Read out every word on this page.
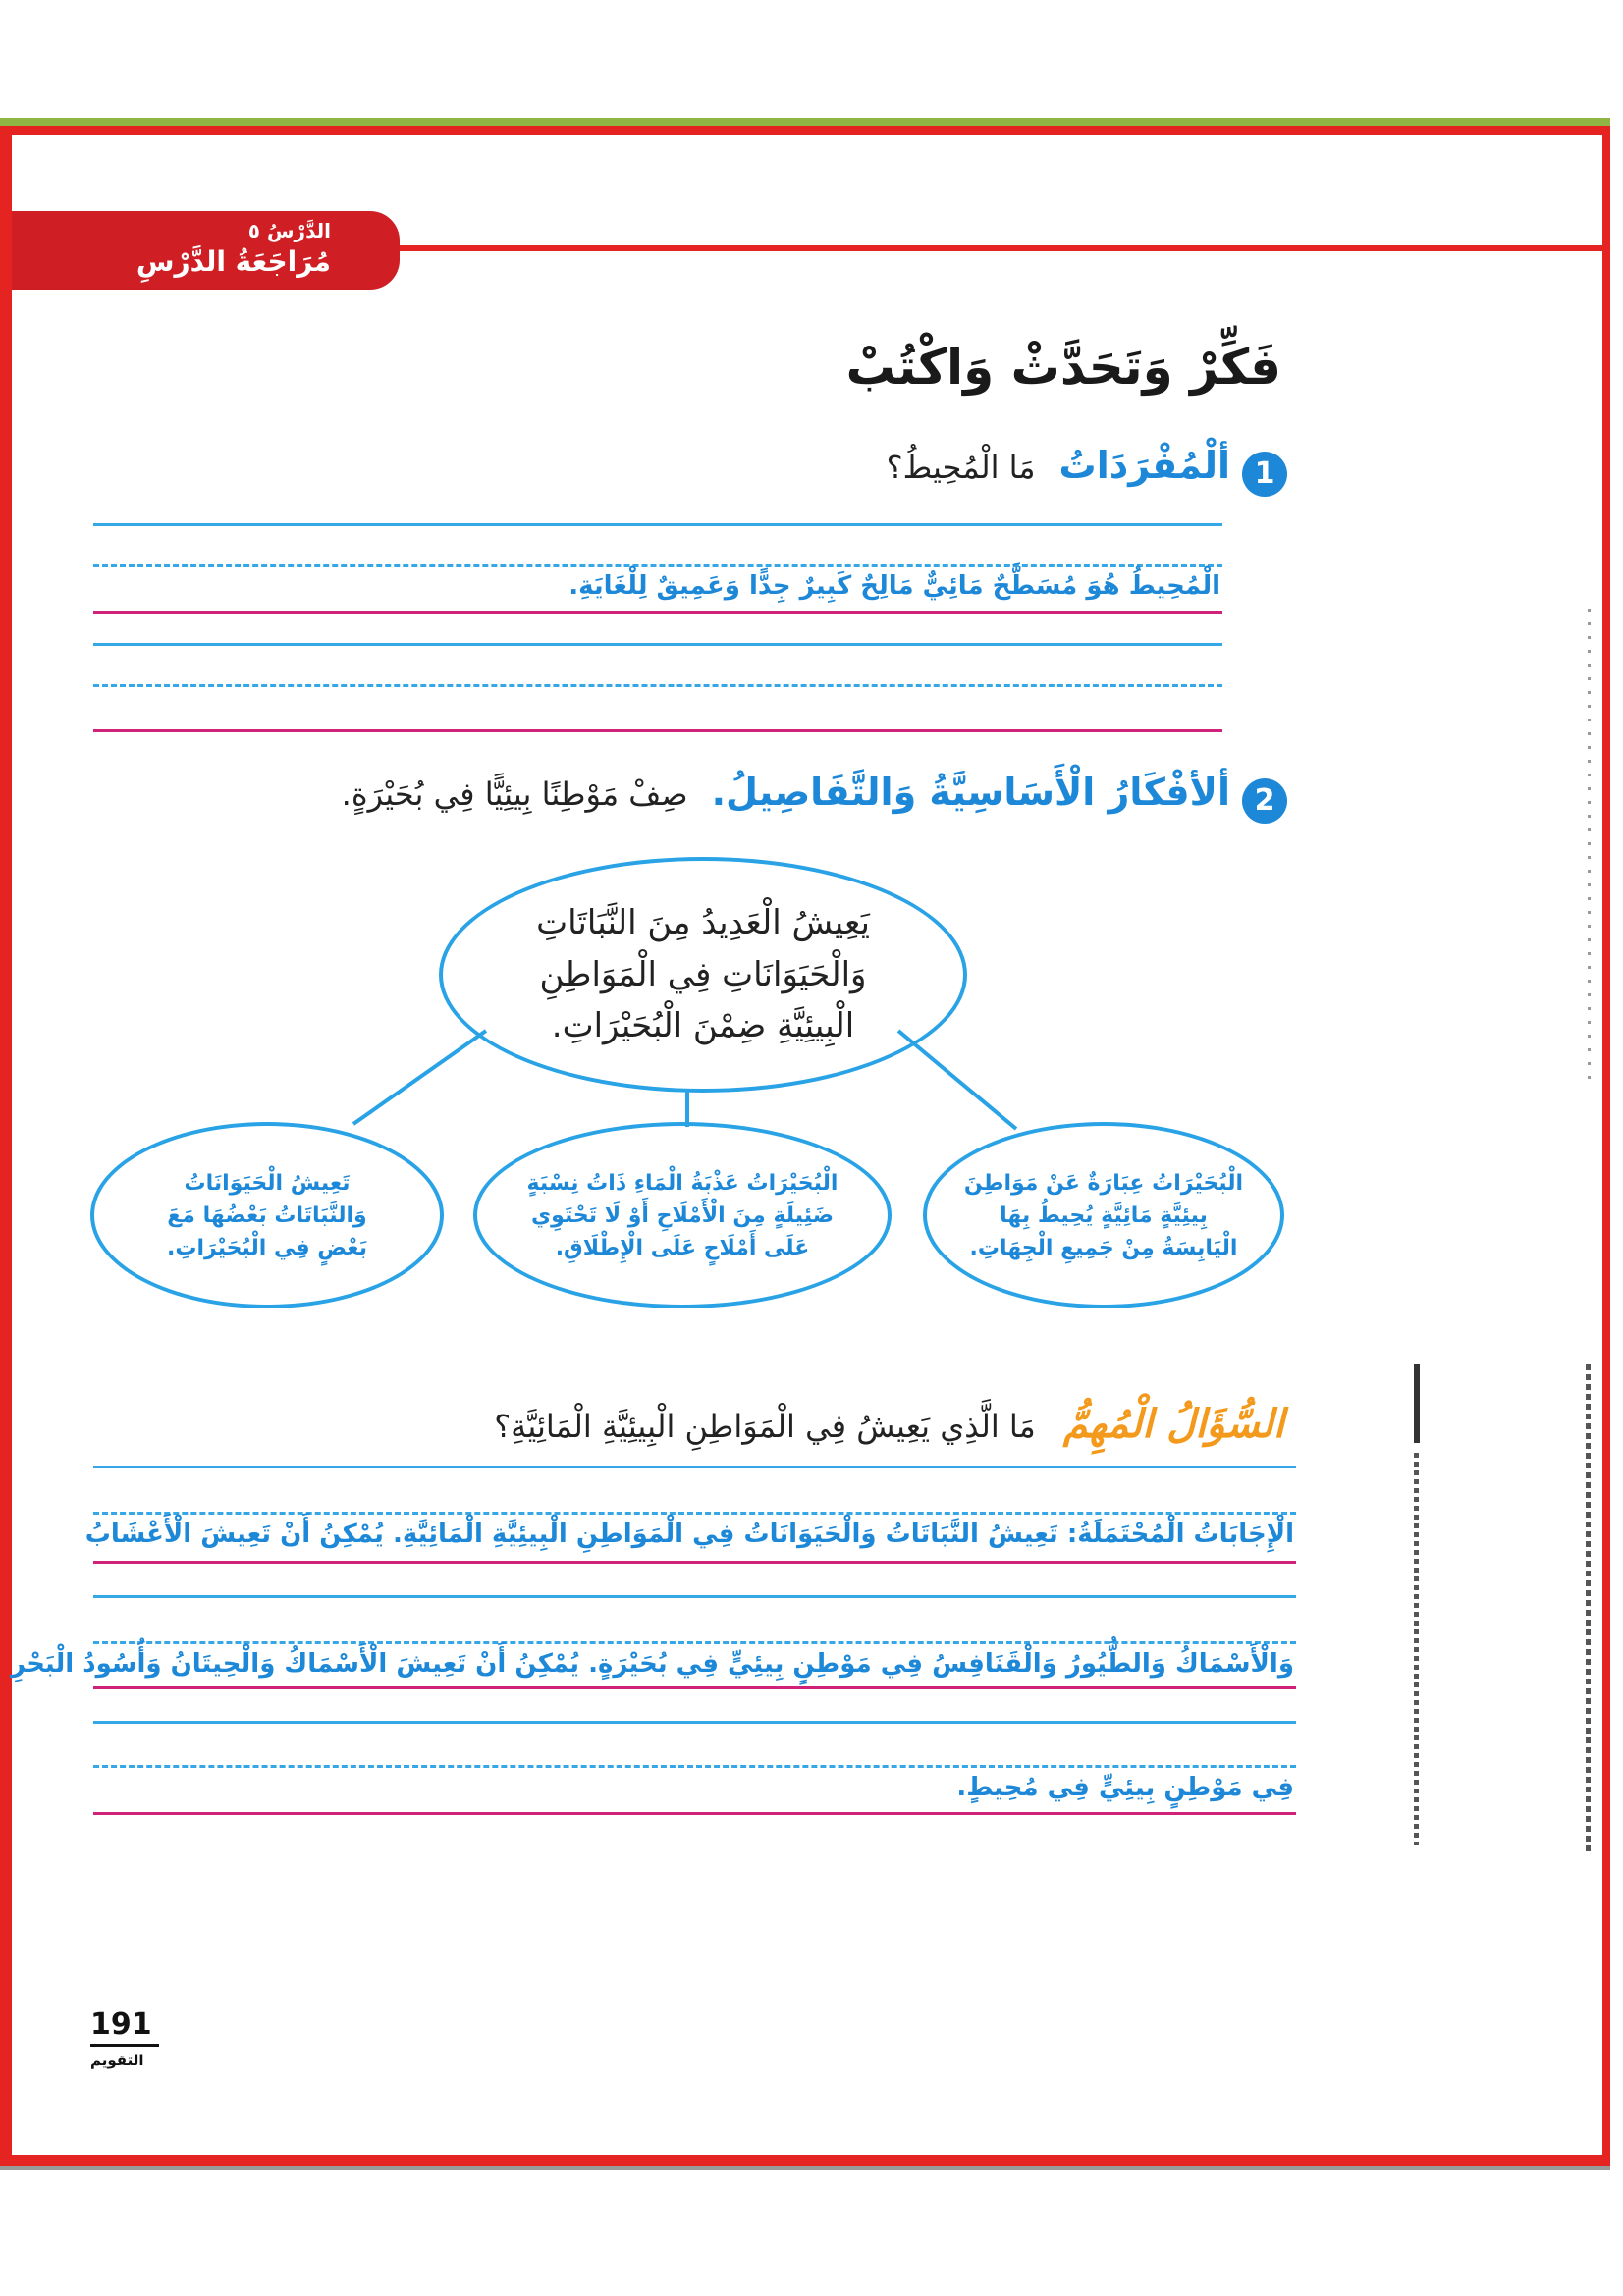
الدَّرْسُ ٥
مُرَاجَعَةُ الدَّرْسِ
فَكِّرْ وَتَحَدَّثْ وَاكْتُبْ
1
ألْمُفْرَدَاتُ
مَا الْمُحِيطُ؟
الْمُحِيطُ هُوَ مُسَطَّحٌ مَائِيٌّ مَالِحٌ كَبِيرٌ جِدًّا وَعَمِيقٌ لِلْغَايَةِ.
2
ألأفْكَارُ الْأَسَاسِيَّةُ وَالتَّفَاصِيلُ.
صِفْ مَوْطِنًا بِيئِيًّا فِي بُحَيْرَةٍ.
يَعِيشُ الْعَدِيدُ مِنَ النَّبَاتَاتِ وَالْحَيَوَانَاتِ فِي الْمَوَاطِنِ الْبِيئِيَّةِ ضِمْنَ الْبُحَيْرَاتِ.
الْبُحَيْرَاتُ عِبَارَةٌ عَنْ مَوَاطِنَ بِيئِيَّةٍ مَائِيَّةٍ يُحِيطُ بِهَا الْيَابِسَةُ مِنْ جَمِيعِ الْجِهَاتِ.
الْبُحَيْرَاتُ عَذْبَةُ الْمَاءِ ذَاتُ نِسْبَةٍ ضَئِيلَةٍ مِنَ الْأَمْلَاحِ أَوْ لَا تَحْتَوِي عَلَى أَمْلَاحٍ عَلَى الْإِطْلَاقِ.
تَعِيشُ الْحَيَوَانَاتُ وَالنَّبَاتَاتُ بَعْضُهَا مَعَ بَعْضٍ فِي الْبُحَيْرَاتِ.
السُّؤَالُ الْمُهِمُّ
مَا الَّذِي يَعِيشُ فِي الْمَوَاطِنِ الْبِيئِيَّةِ الْمَائِيَّةِ؟
الْإِجَابَاتُ الْمُحْتَمَلَةُ: تَعِيشُ النَّبَاتَاتُ وَالْحَيَوَانَاتُ فِي الْمَوَاطِنِ الْبِيئِيَّةِ الْمَائِيَّةِ. يُمْكِنُ أَنْ تَعِيشَ الْأَعْشَابُ
وَالْأَسْمَاكُ وَالطُّيُورُ وَالْقَنَافِسُ فِي مَوْطِنٍ بِيئِيٍّ فِي بُحَيْرَةٍ. يُمْكِنُ أَنْ تَعِيشَ الْأَسْمَاكُ وَالْحِيتَانُ وَأُسُودُ الْبَحْرِ
فِي مَوْطِنٍ بِيئِيٍّ فِي مُحِيطٍ.
191
التقويم
